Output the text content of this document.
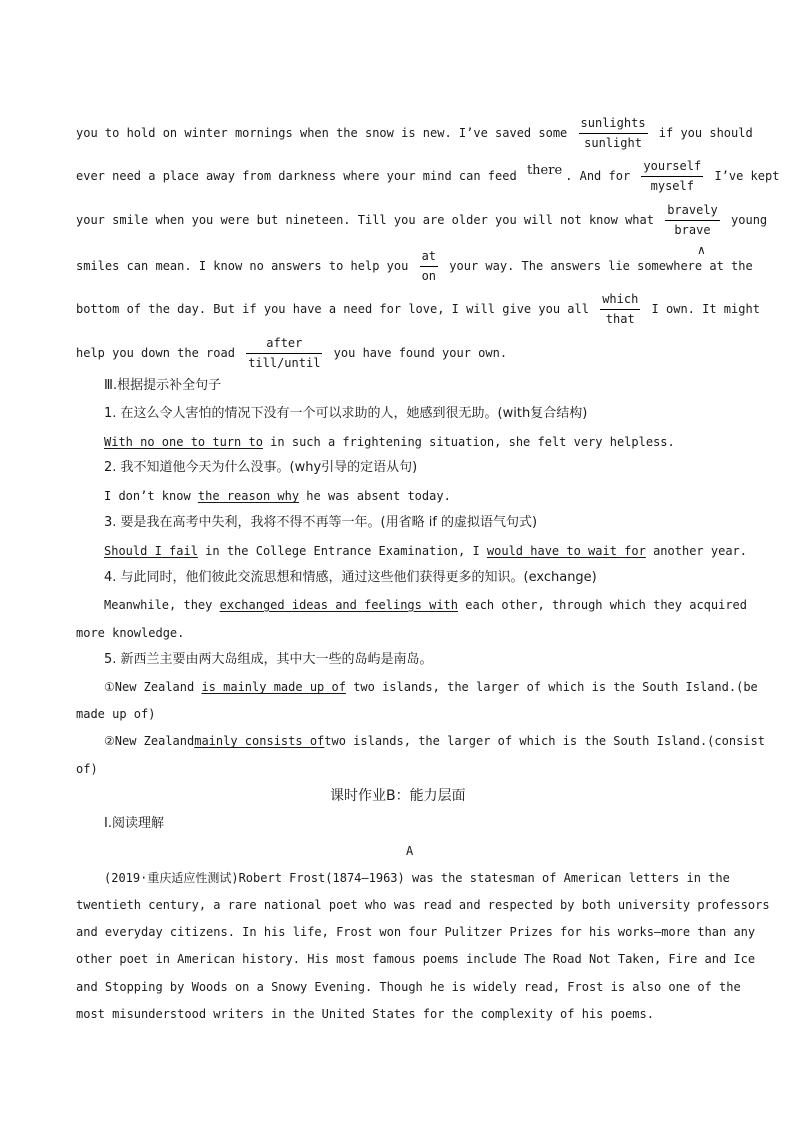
you to hold on winter mornings when the snow is new. I’ve saved some
sunlights
sunlight
if you should
ever need a place away from darkness where your mind can feed there . And for
yourself
myself
I’ve kept
your smile when you were but nineteen. Till you are older you will not know what
bravely
brave
young
∧
smiles can mean. I know no answers to help you $\frac{at}{on}$ your way. The answers lie somewhere at the
bottom of the day. But if you have a need for love, I will give you all
which
that
I own. It might
help you down the road
after
till/until
you have found your own.
Ⅲ.根据提示补全句子
1. 在这么令人害怕的情况下没有一个可以求助的人，她感到很无助。(with复合结构)
With no one to turn to in such a frightening situation, she felt very helpless.
2. 我不知道他今天为什么没事。(why引导的定语从句)
I don’t know the reason why he was absent today.
3. 要是我在高考中失利，我将不得不再等一年。(用省略 if 的虚拟语气句式)
Should I fail in the College Entrance Examination, I would have to wait for another year.
4. 与此同时，他们彼此交流思想和情感，通过这些他们获得更多的知识。(exchange)
Meanwhile, they exchanged ideas and feelings with each other, through which they acquired
more knowledge.
5. 新西兰主要由两大岛组成，其中大一些的岛屿是南岛。
①New Zealand is mainly made up of two islands, the larger of which is the South Island.(be
made up of)
②New Zealandmainly consists oftwo islands, the larger of which is the South Island.(consist
of)
课时作业B：能力层面
Ⅰ.阅读理解
A
(2019·重庆适应性测试)Robert Frost(1874—1963) was the statesman of American letters in the
twentieth century, a rare national poet who was read and respected by both university professors
and everyday citizens. In his life, Frost won four Pulitzer Prizes for his works—more than any
other poet in American history. His most famous poems include The Road Not Taken, Fire and Ice
and Stopping by Woods on a Snowy Evening. Though he is widely read, Frost is also one of the
most misunderstood writers in the United States for the complexity of his poems.
